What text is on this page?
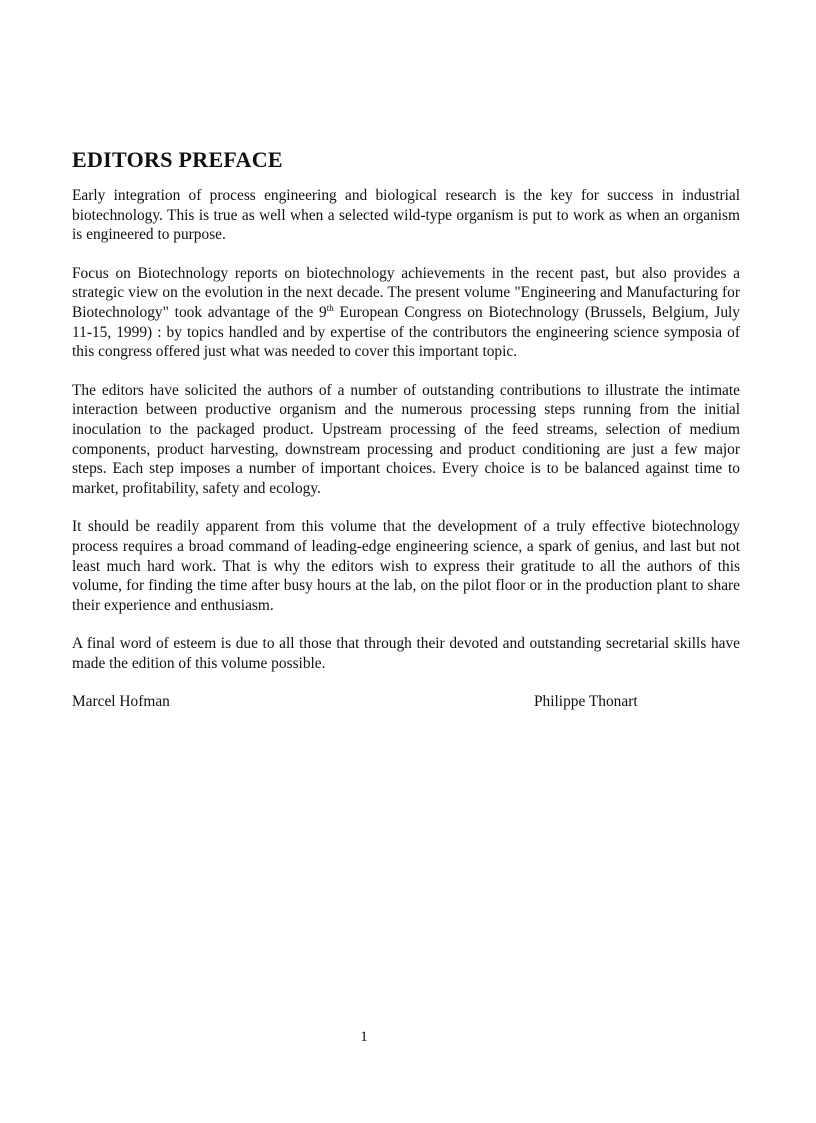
EDITORS PREFACE

Early integration of process engineering and biological research is the key for success in industrial biotechnology. This is true as well when a selected wild-type organism is put to work as when an organism is engineered to purpose.

Focus on Biotechnology reports on biotechnology achievements in the recent past, but also provides a strategic view on the evolution in the next decade. The present volume "Engineering and Manufacturing for Biotechnology" took advantage of the 9th European Congress on Biotechnology (Brussels, Belgium, July 11-15, 1999) : by topics handled and by expertise of the contributors the engineering science symposia of this congress offered just what was needed to cover this important topic.

The editors have solicited the authors of a number of outstanding contributions to illustrate the intimate interaction between productive organism and the numerous processing steps running from the initial inoculation to the packaged product. Upstream processing of the feed streams, selection of medium components, product harvesting, downstream processing and product conditioning are just a few major steps. Each step imposes a number of important choices. Every choice is to be balanced against time to market, profitability, safety and ecology.

It should be readily apparent from this volume that the development of a truly effective biotechnology process requires a broad command of leading-edge engineering science, a spark of genius, and last but not least much hard work. That is why the editors wish to express their gratitude to all the authors of this volume, for finding the time after busy hours at the lab, on the pilot floor or in the production plant to share their experience and enthusiasm.

A final word of esteem is due to all those that through their devoted and outstanding secretarial skills have made the edition of this volume possible.

Marcel Hofman	Philippe Thonart
1
